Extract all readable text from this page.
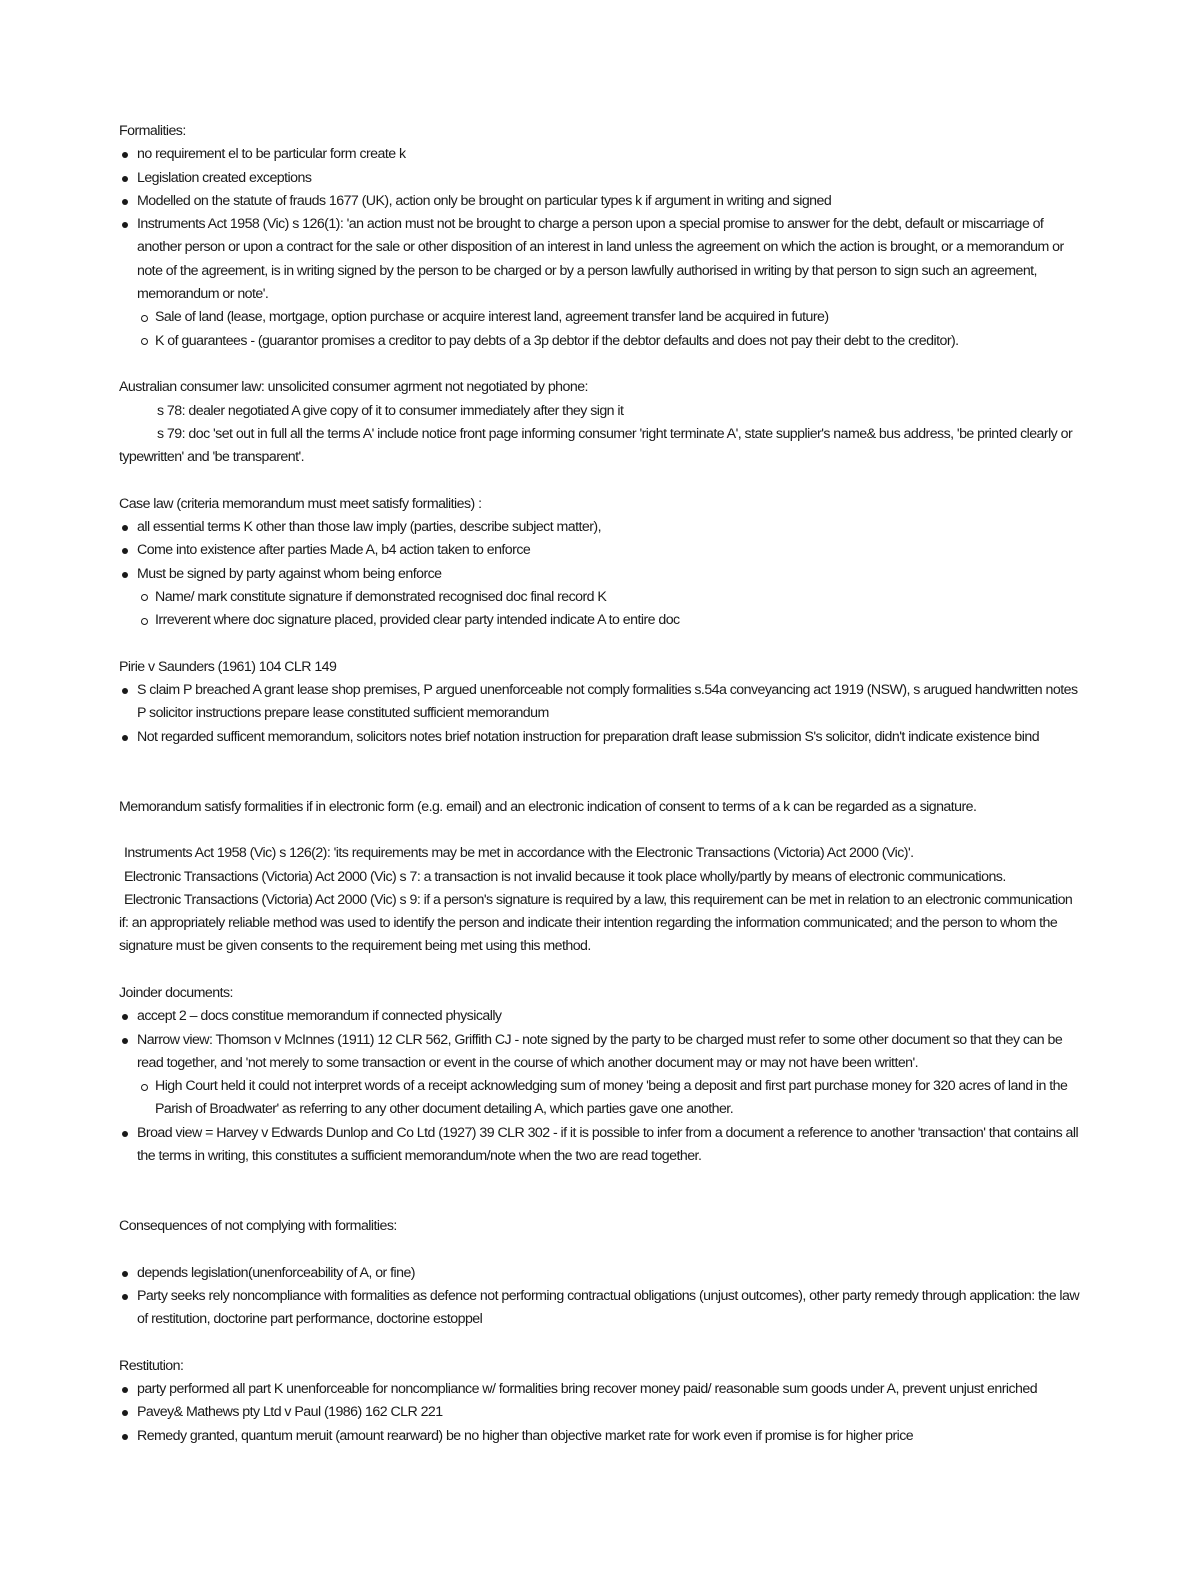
Formalities:

no requirement el to be particular form create k
Legislation created exceptions
Modelled on the statute of frauds 1677 (UK), action only be brought on particular types k if argument in writing and signed
Instruments Act 1958 (Vic) s 126(1): 'an action must not be brought to charge a person upon a special promise to answer for the debt, default or miscarriage of another person or upon a contract for the sale or other disposition of an interest in land unless the agreement on which the action is brought, or a memorandum or note of the agreement, is in writing signed by the person to be charged or by a person lawfully authorised in writing by that person to sign such an agreement, memorandum or note'.
Sale of land (lease, mortgage, option purchase or acquire interest land, agreement transfer land be acquired in future)
K of guarantees - (guarantor promises a creditor to pay debts of a 3p debtor if the debtor defaults and does not pay their debt to the creditor).

Australian consumer law: unsolicited consumer agrment not negotiated by phone:

s 78: dealer negotiated A give copy of it to consumer immediately after they sign it

s 79: doc 'set out in full all the terms A' include notice front page informing consumer 'right terminate A', state supplier's name& bus address, 'be printed clearly or typewritten' and 'be transparent'.

Case law (criteria memorandum must meet satisfy formalities) :

all essential terms K other than those law imply (parties, describe subject matter),
Come into existence after parties Made A, b4 action taken to enforce
Must be signed by party against whom being enforce
Name/ mark constitute signature if demonstrated recognised doc final record K
Irreverent where doc signature placed, provided clear party intended indicate A to entire doc

Pirie v Saunders (1961) 104 CLR 149

S claim P breached A grant lease shop premises, P argued unenforceable not comply formalities s.54a conveyancing act 1919 (NSW), s arugued handwritten notes P solicitor instructions prepare lease constituted sufficient memorandum
Not regarded sufficent memorandum, solicitors notes brief notation instruction for preparation draft lease submission S's solicitor, didn't indicate existence bind

Memorandum satisfy formalities if in electronic form (e.g. email) and an electronic indication of consent to terms of a k can be regarded as a signature.

Instruments Act 1958 (Vic) s 126(2): 'its requirements may be met in accordance with the Electronic Transactions (Victoria) Act 2000 (Vic)'.

Electronic Transactions (Victoria) Act 2000 (Vic) s 7: a transaction is not invalid because it took place wholly/partly by means of electronic communications.

Electronic Transactions (Victoria) Act 2000 (Vic) s 9: if a person's signature is required by a law, this requirement can be met in relation to an electronic communication if: an appropriately reliable method was used to identify the person and indicate their intention regarding the information communicated; and the person to whom the signature must be given consents to the requirement being met using this method.

Joinder documents:

accept 2 – docs constitue memorandum if connected physically
Narrow view: Thomson v McInnes (1911) 12 CLR 562, Griffith CJ - note signed by the party to be charged must refer to some other document so that they can be read together, and 'not merely to some transaction or event in the course of which another document may or may not have been written'.
High Court held it could not interpret words of a receipt acknowledging sum of money 'being a deposit and first part purchase money for 320 acres of land in the Parish of Broadwater' as referring to any other document detailing A, which parties gave one another.
Broad view = Harvey v Edwards Dunlop and Co Ltd (1927) 39 CLR 302 - if it is possible to infer from a document a reference to another 'transaction' that contains all the terms in writing, this constitutes a sufficient memorandum/note when the two are read together.

Consequences of not complying with formalities:

depends legislation(unenforceability of A, or fine)
Party seeks rely noncompliance with formalities as defence not performing contractual obligations (unjust outcomes), other party remedy through application: the law of restitution, doctorine part performance, doctorine estoppel

Restitution:

party performed all part K unenforceable for noncompliance w/ formalities bring recover money paid/ reasonable sum goods under A, prevent unjust enriched
Pavey& Mathews pty Ltd v Paul (1986) 162 CLR 221
Remedy granted, quantum meruit (amount rearward) be no higher than objective market rate for work even if promise is for higher price
